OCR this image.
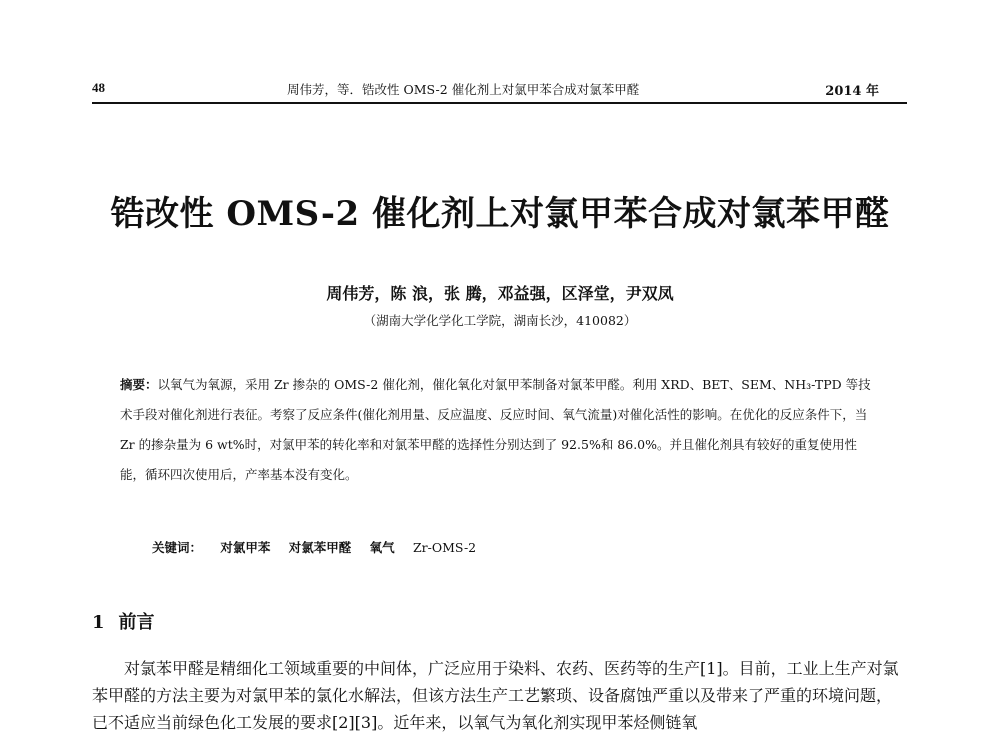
48	周伟芳，等．锆改性 OMS-2 催化剂上对氯甲苯合成对氯苯甲醛	2014 年
锆改性 OMS-2 催化剂上对氯甲苯合成对氯苯甲醛
周伟芳，陈 浪，张 腾，邓益强，区泽堂，尹双凤
（湖南大学化学化工学院，湖南长沙，410082）
摘要：以氧气为氧源，采用 Zr 掺杂的 OMS-2 催化剂，催化氧化对氯甲苯制备对氯苯甲醛。利用 XRD、BET、SEM、NH₃-TPD 等技术手段对催化剂进行表征。考察了反应条件(催化剂用量、反应温度、反应时间、氧气流量)对催化活性的影响。在优化的反应条件下，当 Zr 的掺杂量为 6 wt%时，对氯甲苯的转化率和对氯苯甲醛的选择性分别达到了 92.5%和 86.0%。并且催化剂具有较好的重复使用性能，循环四次使用后，产率基本没有变化。
关键词： 对氯甲苯 对氯苯甲醛 氧气 Zr-OMS-2
1 前言
对氯苯甲醛是精细化工领域重要的中间体，广泛应用于染料、农药、医药等的生产[1]。目前，工业上生产对氯苯甲醛的方法主要为对氯甲苯的氯化水解法，但该方法生产工艺繁琐、设备腐蚀严重以及带来了严重的环境问题，已不适应当前绿色化工发展的要求[2][3]。近年来，以氧气为氧化剂实现甲苯烃侧链氧
